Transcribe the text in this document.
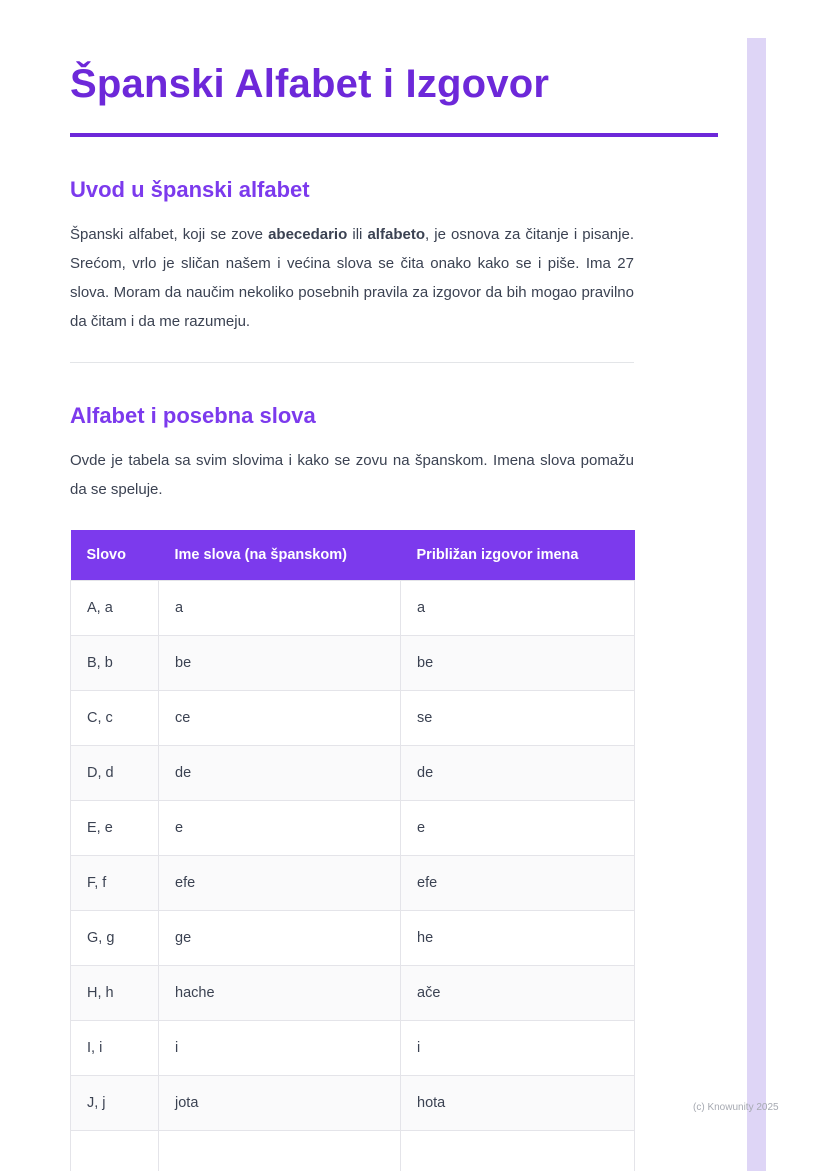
Španski Alfabet i Izgovor
Uvod u španski alfabet

Španski alfabet, koji se zove abecedario ili alfabeto, je osnova za čitanje i pisanje. Srećom, vrlo je sličan našem i većina slova se čita onako kako se i piše. Ima 27 slova. Moram da naučim nekoliko posebnih pravila za izgovor da bih mogao pravilno da čitam i da me razumeju.

Alfabet i posebna slova

Ovde je tabela sa svim slovima i kako se zovu na španskom. Imena slova pomažu da se speluje.

Slovo	Ime slova (na španskom)	Približan izgovor imena
A, a	a	a
B, b	be	be
C, c	ce	se
D, d	de	de
E, e	e	e
F, f	efe	efe
G, g	ge	he
H, h	hache	ače
I, i	i	i
J, j	jota	hota
			(c) Knowunity 2025
